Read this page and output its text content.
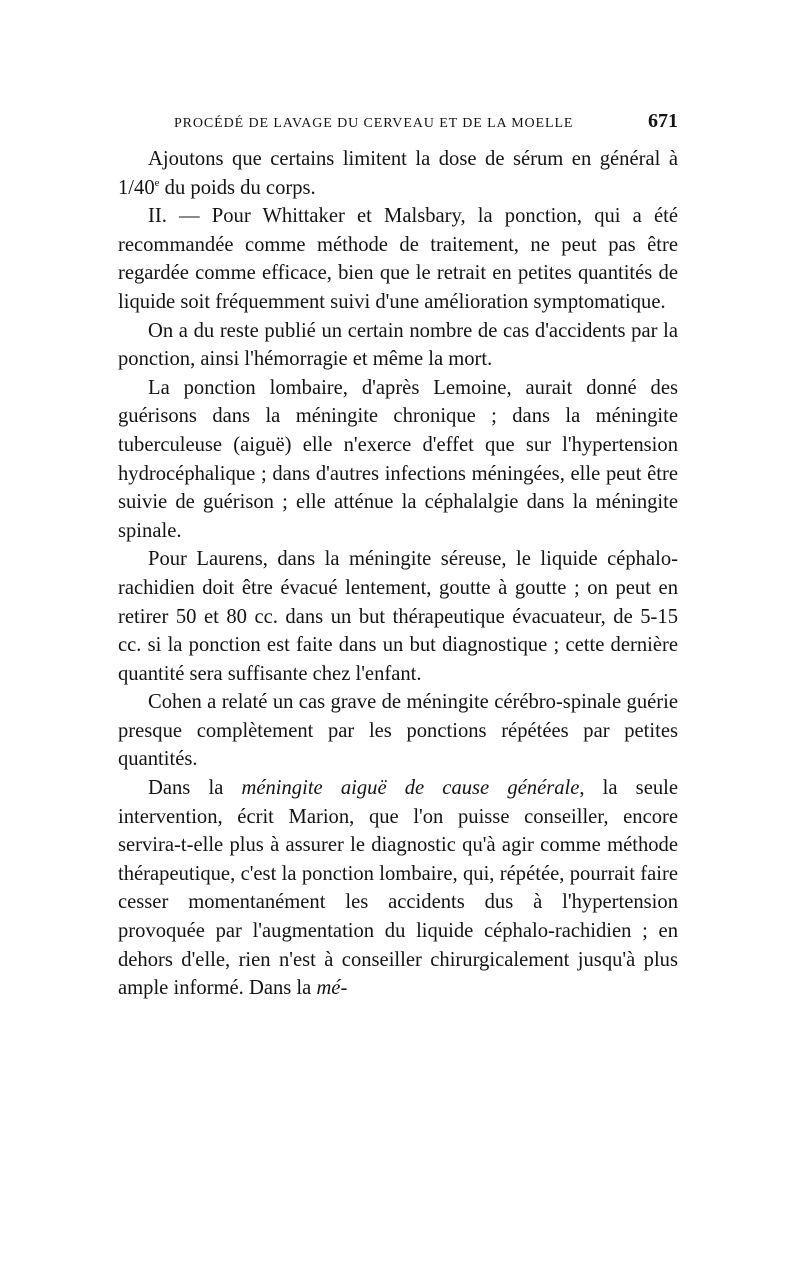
PROCÉDÉ DE LAVAGE DU CERVEAU ET DE LA MOELLE	671

Ajoutons que certains limitent la dose de sérum en général à 1/40e du poids du corps.

II. — Pour Whittaker et Malsbary, la ponction, qui a été recommandée comme méthode de traitement, ne peut pas être regardée comme efficace, bien que le retrait en petites quantités de liquide soit fréquemment suivi d'une amélioration symptomatique.

On a du reste publié un certain nombre de cas d'accidents par la ponction, ainsi l'hémorragie et même la mort.

La ponction lombaire, d'après Lemoine, aurait donné des guérisons dans la méningite chronique ; dans la méningite tuberculeuse (aiguë) elle n'exerce d'effet que sur l'hypertension hydrocéphalique ; dans d'autres infections méningées, elle peut être suivie de guérison ; elle atténue la céphalalgie dans la méningite spinale.

Pour Laurens, dans la méningite séreuse, le liquide céphalo-rachidien doit être évacué lentement, goutte à goutte ; on peut en retirer 50 et 80 cc. dans un but thérapeutique évacuateur, de 5-15 cc. si la ponction est faite dans un but diagnostique ; cette dernière quantité sera suffisante chez l'enfant.

Cohen a relaté un cas grave de méningite cérébro-spinale guérie presque complètement par les ponctions répétées par petites quantités.

Dans la méningite aiguë de cause générale, la seule intervention, écrit Marion, que l'on puisse conseiller, encore servira-t-elle plus à assurer le diagnostic qu'à agir comme méthode thérapeutique, c'est la ponction lombaire, qui, répétée, pourrait faire cesser momentanément les accidents dus à l'hypertension provoquée par l'augmentation du liquide céphalo-rachidien ; en dehors d'elle, rien n'est à conseiller chirurgicalement jusqu'à plus ample informé. Dans la mé-
